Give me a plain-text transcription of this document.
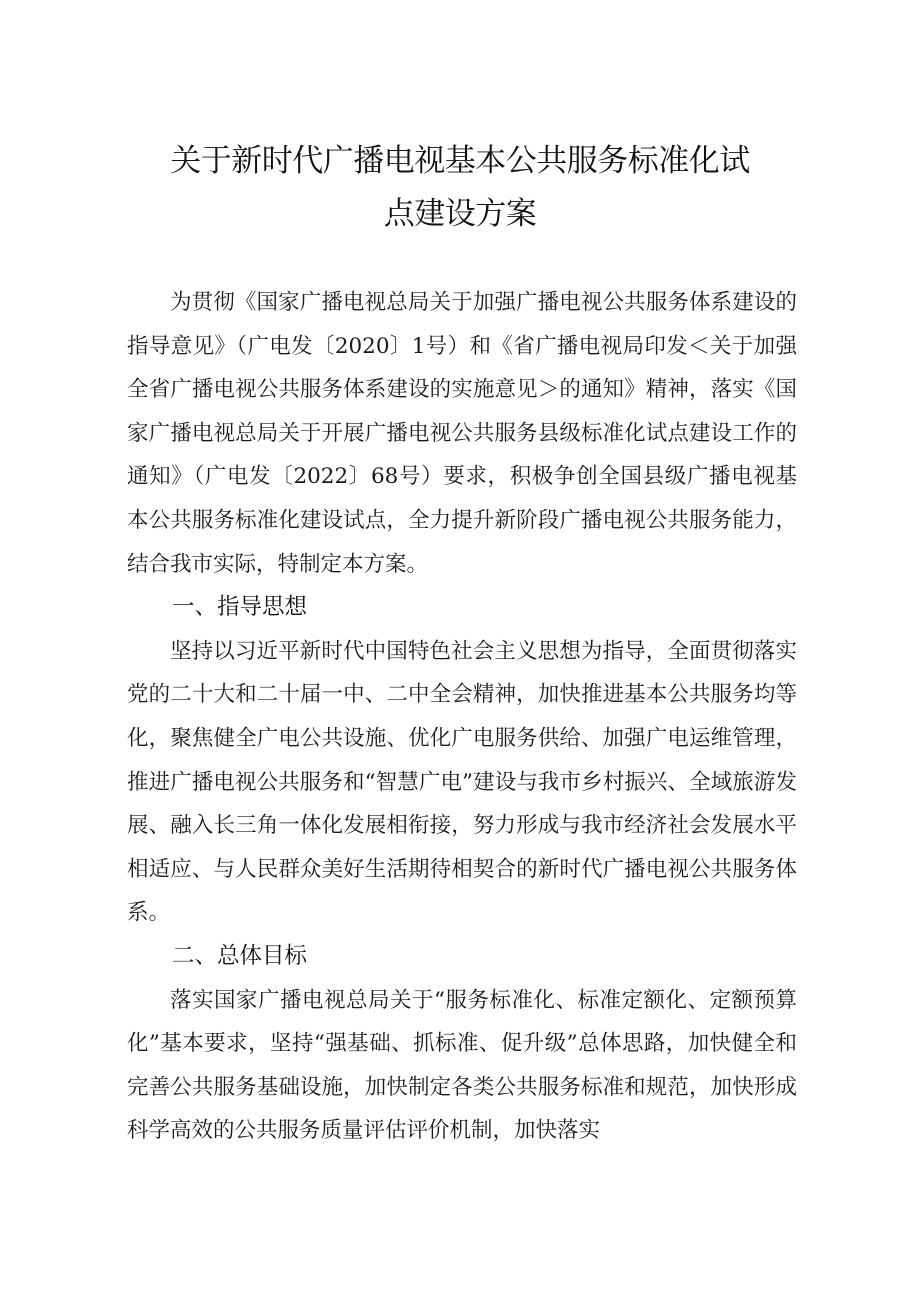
关于新时代广播电视基本公共服务标准化试
点建设方案

为贯彻《国家广播电视总局关于加强广播电视公共服务体系建设的指导意见》（广电发〔2020〕1号）和《省广播电视局印发＜关于加强全省广播电视公共服务体系建设的实施意见＞的通知》精神，落实《国家广播电视总局关于开展广播电视公共服务县级标准化试点建设工作的通知》（广电发〔2022〕68号）要求，积极争创全国县级广播电视基本公共服务标准化建设试点，全力提升新阶段广播电视公共服务能力，结合我市实际，特制定本方案。

一、指导思想

坚持以习近平新时代中国特色社会主义思想为指导，全面贯彻落实党的二十大和二十届一中、二中全会精神，加快推进基本公共服务均等化，聚焦健全广电公共设施、优化广电服务供给、加强广电运维管理，推进广播电视公共服务和“智慧广电”建设与我市乡村振兴、全域旅游发展、融入长三角一体化发展相衔接，努力形成与我市经济社会发展水平相适应、与人民群众美好生活期待相契合的新时代广播电视公共服务体系。

二、总体目标

落实国家广播电视总局关于“服务标准化、标准定额化、定额预算化”基本要求，坚持“强基础、抓标准、促升级”总体思路，加快健全和完善公共服务基础设施，加快制定各类公共服务标准和规范，加快形成科学高效的公共服务质量评估评价机制，加快落实
